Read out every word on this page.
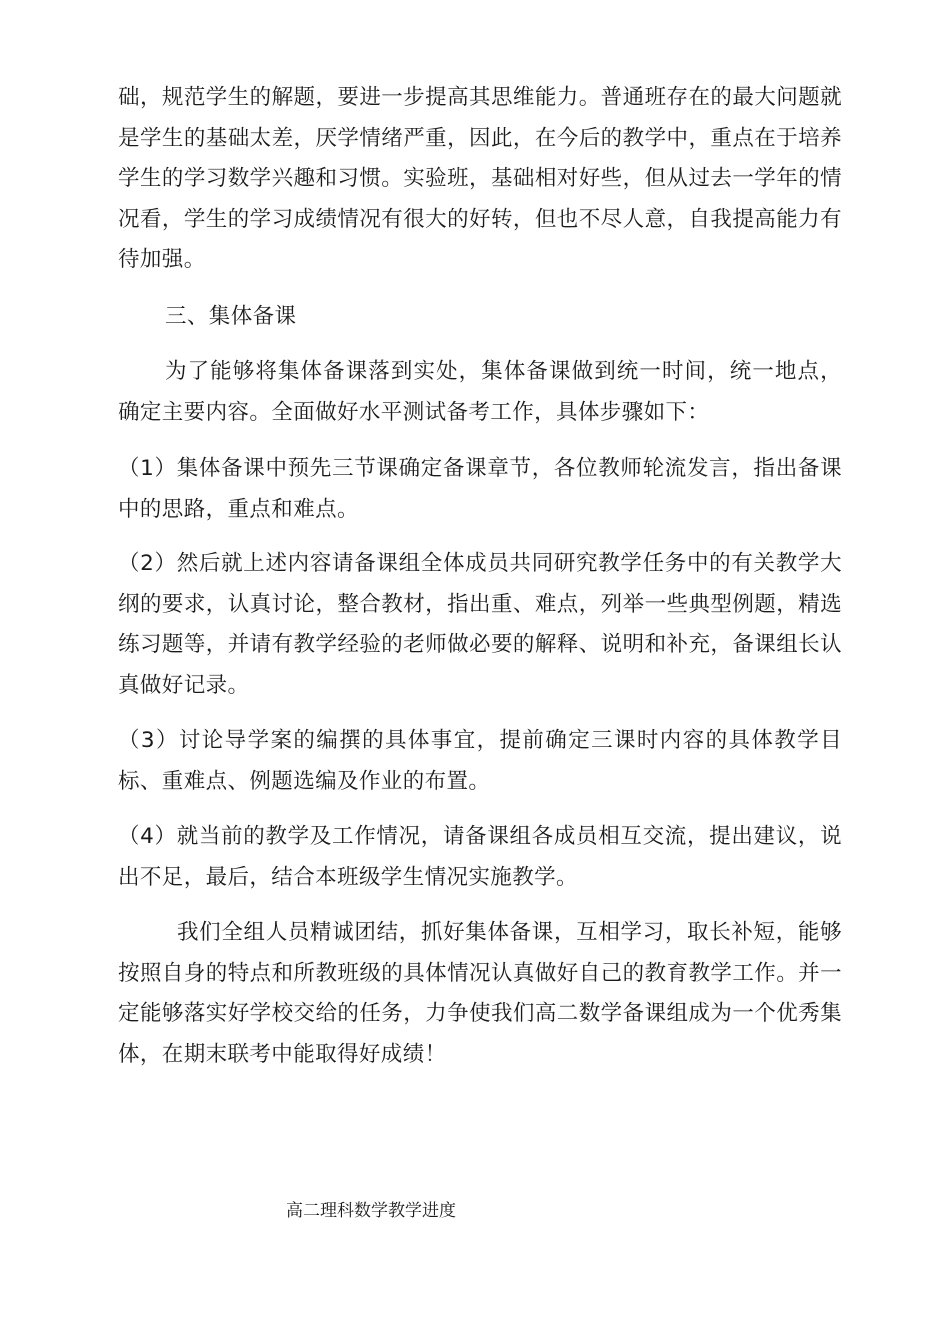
础，规范学生的解题，要进一步提高其思维能力。普通班存在的最大问题就是学生的基础太差，厌学情绪严重，因此，在今后的教学中，重点在于培养学生的学习数学兴趣和习惯。实验班，基础相对好些，但从过去一学年的情况看，学生的学习成绩情况有很大的好转，但也不尽人意，自我提高能力有待加强。

三、集体备课

为了能够将集体备课落到实处，集体备课做到统一时间，统一地点，确定主要内容。全面做好水平测试备考工作，具体步骤如下：

（1）集体备课中预先三节课确定备课章节，各位教师轮流发言，指出备课中的思路，重点和难点。

（2）然后就上述内容请备课组全体成员共同研究教学任务中的有关教学大纲的要求，认真讨论，整合教材，指出重、难点，列举一些典型例题，精选练习题等，并请有教学经验的老师做必要的解释、说明和补充，备课组长认真做好记录。

（3）讨论导学案的编撰的具体事宜，提前确定三课时内容的具体教学目标、重难点、例题选编及作业的布置。

（4）就当前的教学及工作情况，请备课组各成员相互交流，提出建议，说出不足，最后，结合本班级学生情况实施教学。

我们全组人员精诚团结，抓好集体备课，互相学习，取长补短，能够按照自身的特点和所教班级的具体情况认真做好自己的教育教学工作。并一定能够落实好学校交给的任务，力争使我们高二数学备课组成为一个优秀集体，在期末联考中能取得好成绩！

高二理科数学教学进度
